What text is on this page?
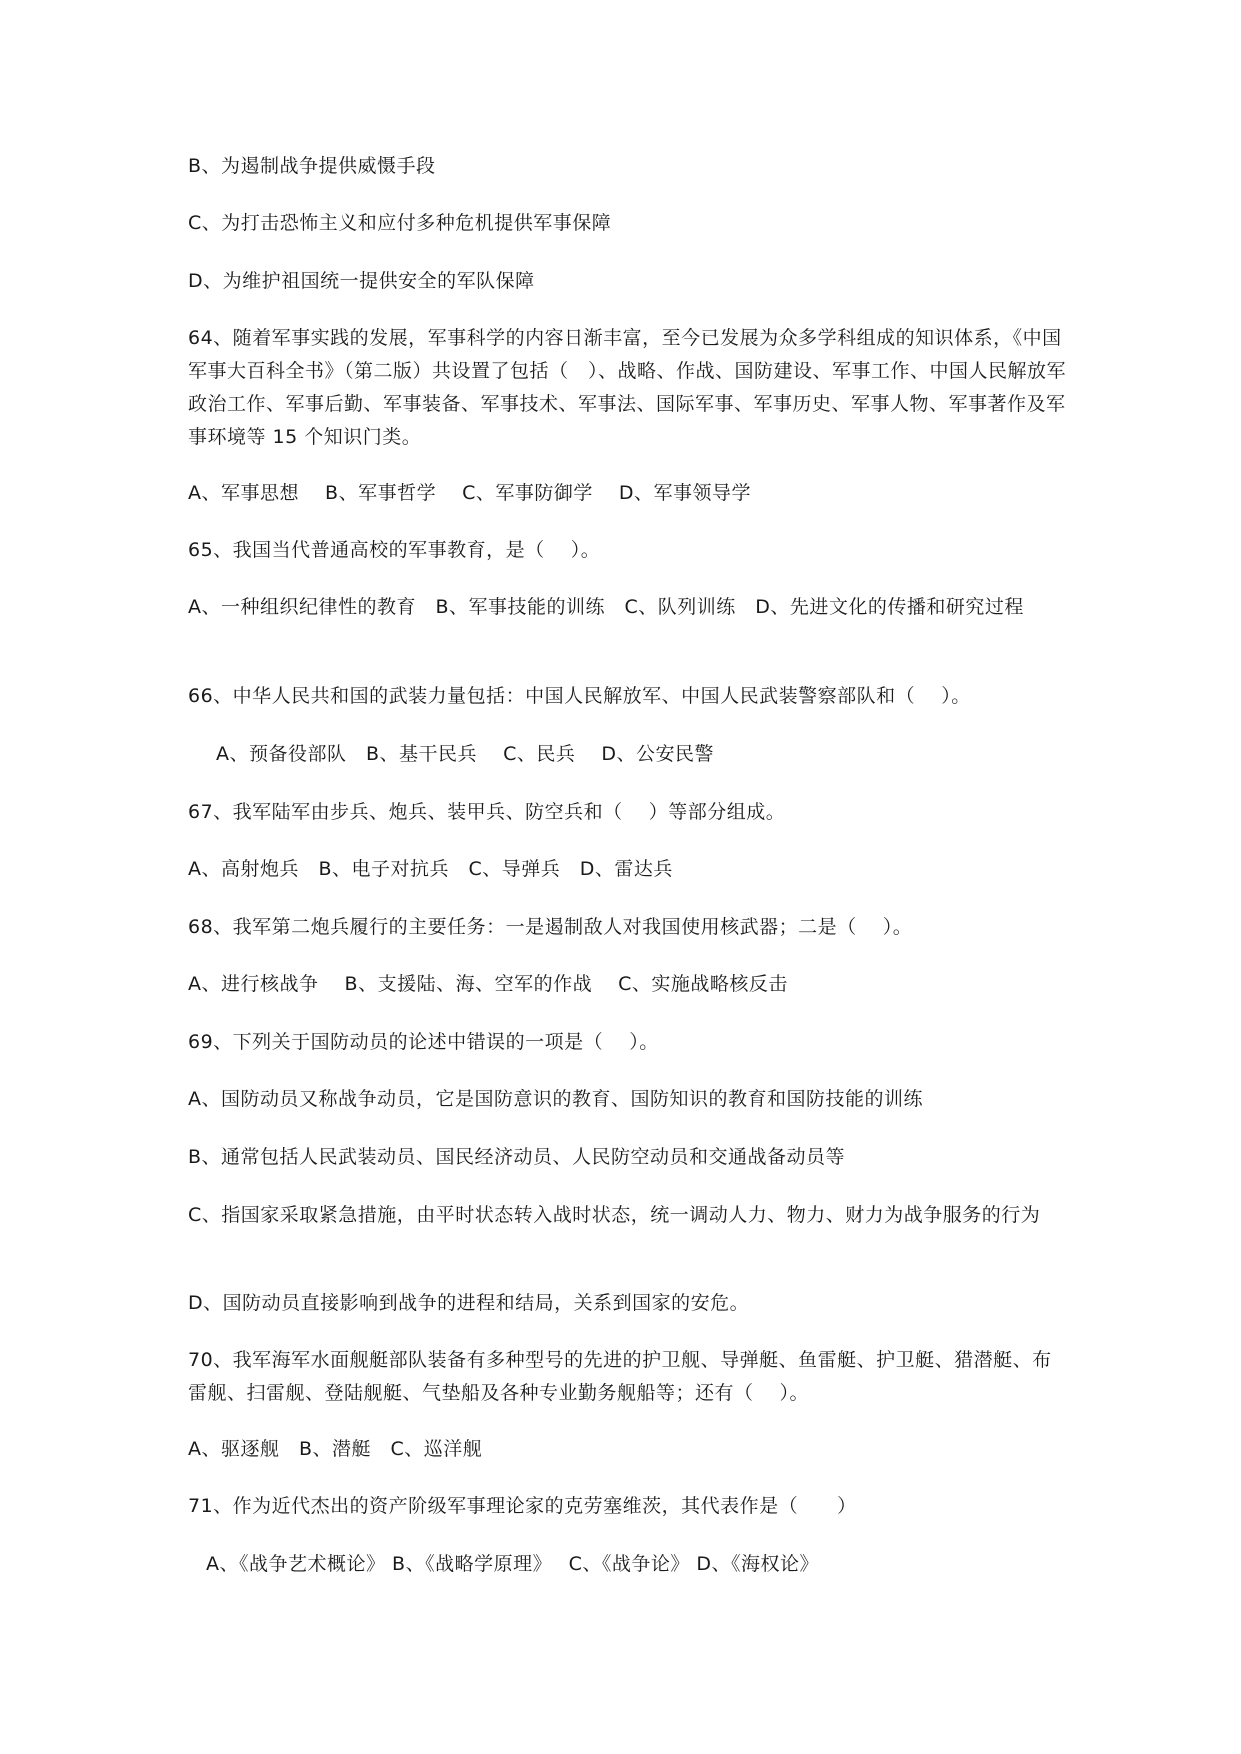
B、为遏制战争提供威慑手段
C、为打击恐怖主义和应付多种危机提供军事保障
D、为维护祖国统一提供安全的军队保障
64、随着军事实践的发展，军事科学的内容日渐丰富，至今已发展为众多学科组成的知识体系，《中国军事大百科全书》（第二版）共设置了包括（　）、战略、作战、国防建设、军事工作、中国人民解放军政治工作、军事后勤、军事装备、军事技术、军事法、国际军事、军事历史、军事人物、军事著作及军事环境等 15 个知识门类。
A、军事思想　 B、军事哲学　 C、军事防御学　 D、军事领导学
65、我国当代普通高校的军事教育，是（　 ）。
A、一种组织纪律性的教育　B、军事技能的训练　C、队列训练　D、先进文化的传播和研究过程
66、中华人民共和国的武装力量包括：中国人民解放军、中国人民武装警察部队和（　 ）。
A、预备役部队　B、基干民兵　 C、民兵　 D、公安民警
67、我军陆军由步兵、炮兵、装甲兵、防空兵和（　 ）等部分组成。
A、高射炮兵　B、电子对抗兵　C、导弹兵　D、雷达兵
68、我军第二炮兵履行的主要任务：一是遏制敌人对我国使用核武器；二是（　 ）。
A、进行核战争　 B、支援陆、海、空军的作战　 C、实施战略核反击
69、下列关于国防动员的论述中错误的一项是（　 ）。
A、国防动员又称战争动员，它是国防意识的教育、国防知识的教育和国防技能的训练
B、通常包括人民武装动员、国民经济动员、人民防空动员和交通战备动员等
C、指国家采取紧急措施，由平时状态转入战时状态，统一调动人力、物力、财力为战争服务的行为
D、国防动员直接影响到战争的进程和结局，关系到国家的安危。
70、我军海军水面舰艇部队装备有多种型号的先进的护卫舰、导弹艇、鱼雷艇、护卫艇、猎潜艇、布雷舰、扫雷舰、登陆舰艇、气垫船及各种专业勤务舰船等；还有（　 ）。
A、驱逐舰　B、潜艇　C、巡洋舰
71、作为近代杰出的资产阶级军事理论家的克劳塞维茨，其代表作是（　　）
A、《战争艺术概论》 B、《战略学原理》　 C、《战争论》 D、《海权论》
